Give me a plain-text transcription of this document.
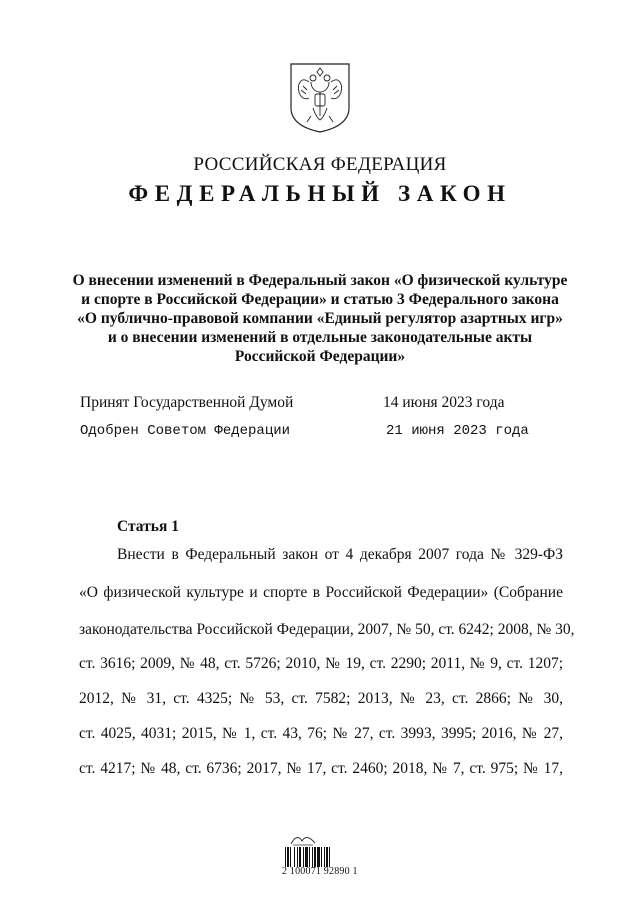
РОССИЙСКАЯ ФЕДЕРАЦИЯ
ФЕДЕРАЛЬНЫЙ ЗАКОН
О внесении изменений в Федеральный закон «О физической культуре
и спорте в Российской Федерации» и статью 3 Федерального закона
«О публично-правовой компании «Единый регулятор азартных игр»
и о внесении изменений в отдельные законодательные акты
Российской Федерации»
Принят Государственной Думой	14 июня 2023 года
Одобрен Советом Федерации	21 июня 2023 года
Статья 1
Внести в Федеральный закон от 4 декабря 2007 года № 329-ФЗ
«О физической культуре и спорте в Российской Федерации» (Собрание
законодательства Российской Федерации, 2007, № 50, ст. 6242; 2008, № 30,
ст. 3616; 2009, № 48, ст. 5726; 2010, № 19, ст. 2290; 2011, № 9, ст. 1207;
2012, № 31, ст. 4325; № 53, ст. 7582; 2013, № 23, ст. 2866; № 30,
ст. 4025, 4031; 2015, № 1, ст. 43, 76; № 27, ст. 3993, 3995; 2016, № 27,
ст. 4217; № 48, ст. 6736; 2017, № 17, ст. 2460; 2018, № 7, ст. 975; № 17,
2 100071 92890 1
